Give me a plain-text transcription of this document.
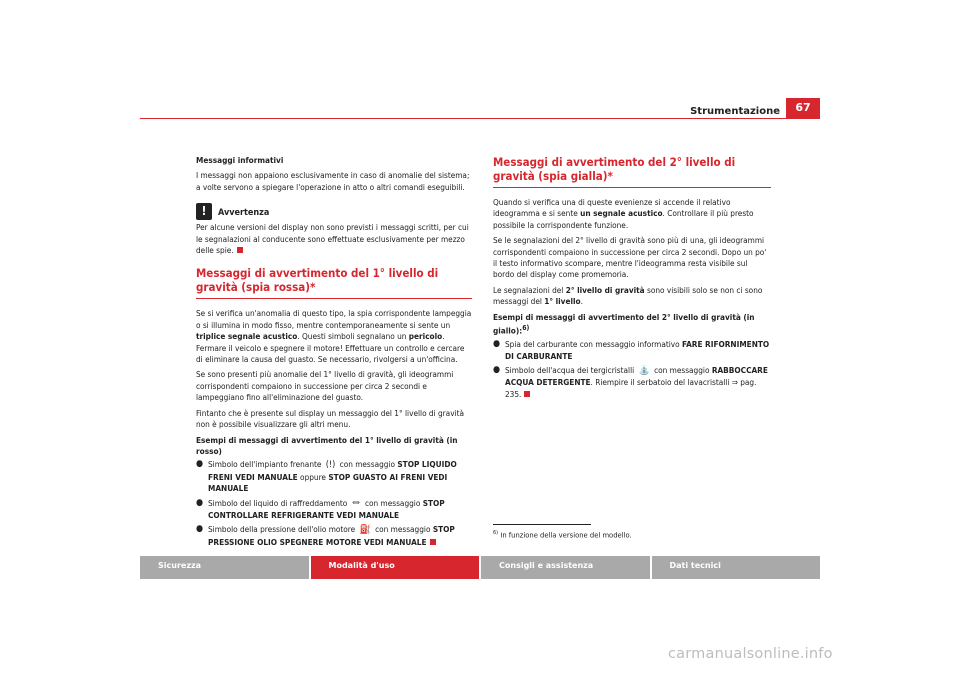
Strumentazione	67

Messaggi informativi

I messaggi non appaiono esclusivamente in caso di anomalie del sistema; a volte servono a spiegare l'operazione in atto o altri comandi eseguibili.

!
Avvertenza

Per alcune versioni del display non sono previsti i messaggi scritti, per cui le segnalazioni al conducente sono effettuate esclusivamente per mezzo delle spie.

Messaggi di avvertimento del 1° livello di gravità (spia rossa)*

Se si verifica un'anomalia di questo tipo, la spia corrispondente lampeggia o si illumina in modo fisso, mentre contemporaneamente si sente un triplice segnale acustico. Questi simboli segnalano un pericolo. Fermare il veicolo e spegnere il motore! Effettuare un controllo e cercare di eliminare la causa del guasto. Se necessario, rivolgersi a un'officina.

Se sono presenti più anomalie del 1° livello di gravità, gli ideogrammi corrispondenti compaiono in successione per circa 2 secondi e lampeggiano fino all'eliminazione del guasto.

Fintanto che è presente sul display un messaggio del 1° livello di gravità non è possibile visualizzare gli altri menu.

Esempi di messaggi di avvertimento del 1° livello di gravità (in rosso)

● Simbolo dell'impianto frenante (!) con messaggio STOP LIQUIDO FRENI VEDI MANUALE oppure STOP GUASTO AI FRENI VEDI MANUALE
● Simbolo del liquido di raffreddamento ⏛ con messaggio STOP CONTROLLARE REFRIGERANTE VEDI MANUALE
● Simbolo della pressione dell'olio motore ⛽ con messaggio STOP PRESSIONE OLIO SPEGNERE MOTORE VEDI MANUALE
Messaggi di avvertimento del 2° livello di gravità (spia gialla)*

Quando si verifica una di queste evenienze si accende il relativo ideogramma e si sente un segnale acustico. Controllare il più presto possibile la corrispondente funzione.

Se le segnalazioni del 2° livello di gravità sono più di una, gli ideogrammi corrispondenti compaiono in successione per circa 2 secondi. Dopo un po' il testo informativo scompare, mentre l'ideogramma resta visibile sul bordo del display come promemoria.

Le segnalazioni del 2° livello di gravità sono visibili solo se non ci sono messaggi del 1° livello.

Esempi di messaggi di avvertimento del 2° livello di gravità (in giallo):$^{6)}$

● Spia del carburante con messaggio informativo FARE RIFORNIMENTO DI CARBURANTE
● Simbolo dell'acqua dei tergicristalli ⛲ con messaggio RABBOCCARE ACQUA DETERGENTE. Riempire il serbatoio del lavacristalli ⇒ pag. 235.
$^{6)}$ In funzione della versione del modello.
Sicurezza	Modalità d'uso	Consigli e assistenza	Dati tecnici
carmanualsonline.info
